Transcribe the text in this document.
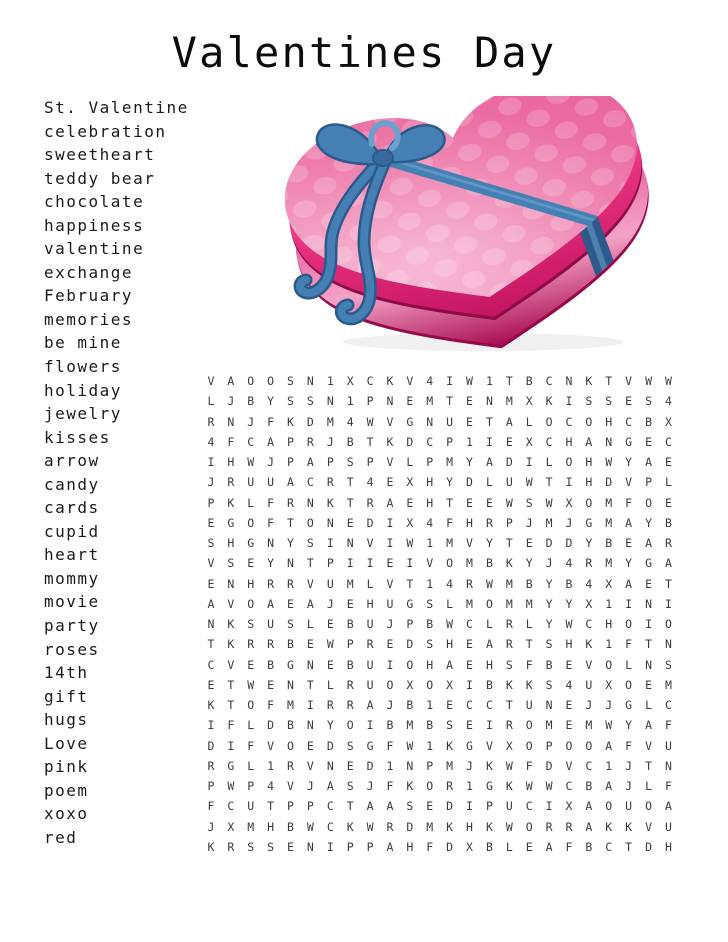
Valentines Day
St. Valentine
celebration
sweetheart
teddy bear
chocolate
happiness
valentine
exchange
February
memories
be mine
flowers
holiday
jewelry
kisses
arrow
candy
cards
cupid
heart
mommy
movie
party
roses
14th
gift
hugs
Love
pink
poem
xoxo
red
V	A	O	O	S	N	1	X	C	K	V	4	I	W	1	T	B	C	N	K	T	V	W	W
L	J	B	Y	S	S	N	1	P	N	E	M	T	E	N	M	X	K	I	S	S	E	S	4
R	N	J	F	K	D	M	4	W	V	G	N	U	E	T	A	L	O	C	O	H	C	B	X
4	F	C	A	P	R	J	B	T	K	D	C	P	1	I	E	X	C	H	A	N	G	E	C
I	H	W	J	P	A	P	S	P	V	L	P	M	Y	A	D	I	L	O	H	W	Y	A	E
J	R	U	U	A	C	R	T	4	E	X	H	Y	D	L	U	W	T	I	H	D	V	P	L
P	K	L	F	R	N	K	T	R	A	E	H	T	E	E	W	S	W	X	O	M	F	O	E
E	G	O	F	T	O	N	E	D	I	X	4	F	H	R	P	J	M	J	G	M	A	Y	B
S	H	G	N	Y	S	I	N	V	I	W	1	M	V	Y	T	E	D	D	Y	B	E	A	R
V	S	E	Y	N	T	P	I	I	E	I	V	O	M	B	K	Y	J	4	R	M	Y	G	A
E	N	H	R	R	V	U	M	L	V	T	1	4	R	W	M	B	Y	B	4	X	A	E	T
A	V	O	A	E	A	J	E	H	U	G	S	L	M	O	M	M	Y	Y	X	1	I	N	I
N	K	S	U	S	L	E	B	U	J	P	B	W	C	L	R	L	Y	W	C	H	O	I	O
T	K	R	R	B	E	W	P	R	E	D	S	H	E	A	R	T	S	H	K	1	F	T	N
C	V	E	B	G	N	E	B	U	I	O	H	A	E	H	S	F	B	E	V	O	L	N	S
E	T	W	E	N	T	L	R	U	O	X	O	X	I	B	K	K	S	4	U	X	O	E	M
K	T	O	F	M	I	R	R	A	J	B	1	E	C	C	T	U	N	E	J	J	G	L	C
I	F	L	D	B	N	Y	O	I	B	M	B	S	E	I	R	O	M	E	M	W	Y	A	F
D	I	F	V	O	E	D	S	G	F	W	1	K	G	V	X	O	P	O	O	A	F	V	U
R	G	L	1	R	V	N	E	D	1	N	P	M	J	K	W	F	D	V	C	1	J	T	N
P	W	P	4	V	J	A	S	J	F	K	O	R	1	G	K	W	W	C	B	A	J	L	F
F	C	U	T	P	P	C	T	A	A	S	E	D	I	P	U	C	I	X	A	O	U	O	A
J	X	M	H	B	W	C	K	W	R	D	M	K	H	K	W	O	R	R	A	K	K	V	U
K	R	S	S	E	N	I	P	P	A	H	F	D	X	B	L	E	A	F	B	C	T	D	H
